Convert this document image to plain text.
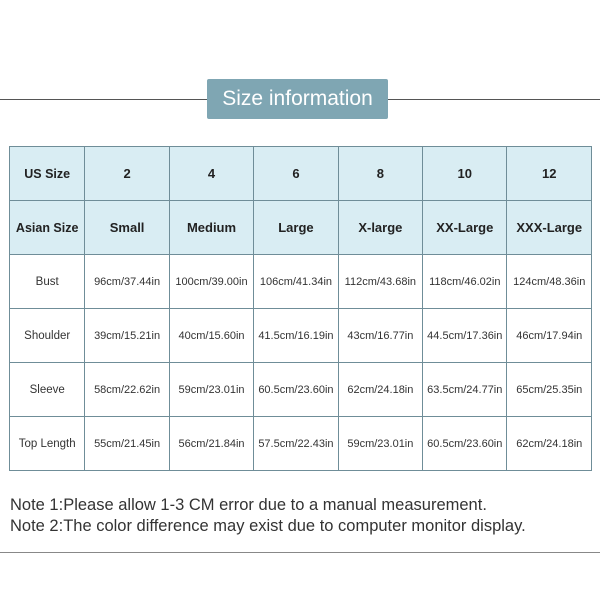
Size information
US Size	2	4	6	8	10	12
Asian Size	Small	Medium	Large	X-large	XX-Large	XXX-Large
Bust	96cm/37.44in	100cm/39.00in	106cm/41.34in	112cm/43.68in	118cm/46.02in	124cm/48.36in
Shoulder	39cm/15.21in	40cm/15.60in	41.5cm/16.19in	43cm/16.77in	44.5cm/17.36in	46cm/17.94in
Sleeve	58cm/22.62in	59cm/23.01in	60.5cm/23.60in	62cm/24.18in	63.5cm/24.77in	65cm/25.35in
Top Length	55cm/21.45in	56cm/21.84in	57.5cm/22.43in	59cm/23.01in	60.5cm/23.60in	62cm/24.18in
Note 1:Please allow 1-3 CM error due to a manual measurement.
Note 2:The color difference may exist due to computer monitor display.
